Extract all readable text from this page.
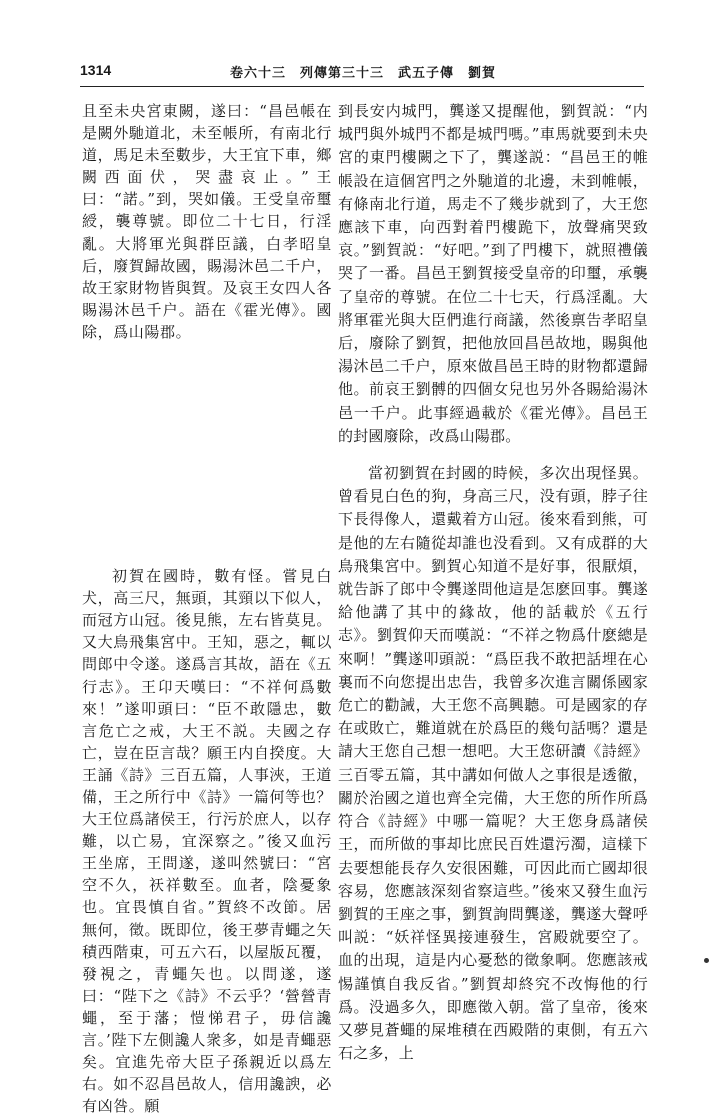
1314	卷六十三　列傳第三十三　武五子傳　劉賀

且至未央宮東闕，遂曰：“昌邑帳在是闕外馳道北，未至帳所，有南北行道，馬足未至數步，大王宜下車，鄉闕西面伏，哭盡哀止。”王曰：“諾。”到，哭如儀。王受皇帝璽綬，襲尊號。即位二十七日，行淫亂。大將軍光與群臣議，白孝昭皇后，廢賀歸故國，賜湯沐邑二千户，故王家財物皆與賀。及哀王女四人各賜湯沐邑千户。語在《霍光傳》。國除，爲山陽郡。

初賀在國時，數有怪。嘗見白犬，高三尺，無頭，其頸以下似人，而冠方山冠。後見熊，左右皆莫見。又大鳥飛集宮中。王知，惡之，輒以問郎中令遂。遂爲言其故，語在《五行志》。王卬天嘆曰：“不祥何爲數來！”遂叩頭曰：“臣不敢隱忠，數言危亡之戒，大王不説。夫國之存亡，豈在臣言哉？願王内自揆度。大王誦《詩》三百五篇，人事浹，王道備，王之所行中《詩》一篇何等也？大王位爲諸侯王，行污於庶人，以存難，以亡易，宜深察之。”後又血污王坐席，王問遂，遂叫然號曰：“宮空不久，祆祥數至。血者，陰憂象也。宜畏慎自省。”賀終不改節。居無何，徵。既即位，後王夢青蠅之矢積西階東，可五六石，以屋版瓦覆，發視之，青蠅矢也。以問遂，遂曰：“陛下之《詩》不云乎？‘營營青蠅，至于藩；愷悌君子，毋信讒言。’陛下左側讒人衆多，如是青蠅惡矣。宜進先帝大臣子孫親近以爲左右。如不忍昌邑故人，信用讒諛，必有凶咎。願

到長安内城門，龔遂又提醒他，劉賀説：“内城門與外城門不都是城門嗎。”車馬就要到未央宮的東門樓闕之下了，龔遂説：“昌邑王的帷帳設在這個宮門之外馳道的北邊，未到帷帳，有條南北行道，馬走不了幾步就到了，大王您應該下車，向西對着門樓跪下，放聲痛哭致哀。”劉賀説：“好吧。”到了門樓下，就照禮儀哭了一番。昌邑王劉賀接受皇帝的印璽，承襲了皇帝的尊號。在位二十七天，行爲淫亂。大將軍霍光與大臣們進行商議，然後禀告孝昭皇后，廢除了劉賀，把他放回昌邑故地，賜與他湯沐邑二千户，原來做昌邑王時的財物都還歸他。前哀王劉髆的四個女兒也另外各賜給湯沐邑一千户。此事經過載於《霍光傳》。昌邑王的封國廢除，改爲山陽郡。

當初劉賀在封國的時候，多次出現怪異。曾看見白色的狗，身高三尺，没有頭，脖子往下長得像人，還戴着方山冠。後來看到熊，可是他的左右隨從却誰也没看到。又有成群的大鳥飛集宮中。劉賀心知道不是好事，很厭煩，就告訴了郎中令龔遂問他這是怎麽回事。龔遂給他講了其中的緣故，他的話載於《五行志》。劉賀仰天而嘆説：“不祥之物爲什麽總是來啊！”龔遂叩頭説：“爲臣我不敢把話埋在心裏而不向您提出忠告，我曾多次進言關係國家危亡的勸誡，大王您不高興聽。可是國家的存在或敗亡，難道就在於爲臣的幾句話嗎？還是請大王您自己想一想吧。大王您研讀《詩經》三百零五篇，其中講如何做人之事很是透徹，關於治國之道也齊全完備，大王您的所作所爲符合《詩經》中哪一篇呢？大王您身爲諸侯王，而所做的事却比庶民百姓還污濁，這樣下去要想能長存久安很困難，可因此而亡國却很容易，您應該深刻省察這些。”後來又發生血污劉賀的王座之事，劉賀詢問龔遂，龔遂大聲呼叫説：“妖祥怪異接連發生，宮殿就要空了。血的出現，這是内心憂愁的徵象啊。您應該戒惕謹慎自我反省。”劉賀却終究不改悔他的行爲。没過多久，即應徵入朝。當了皇帝，後來又夢見蒼蠅的屎堆積在西殿階的東側，有五六石之多，上
